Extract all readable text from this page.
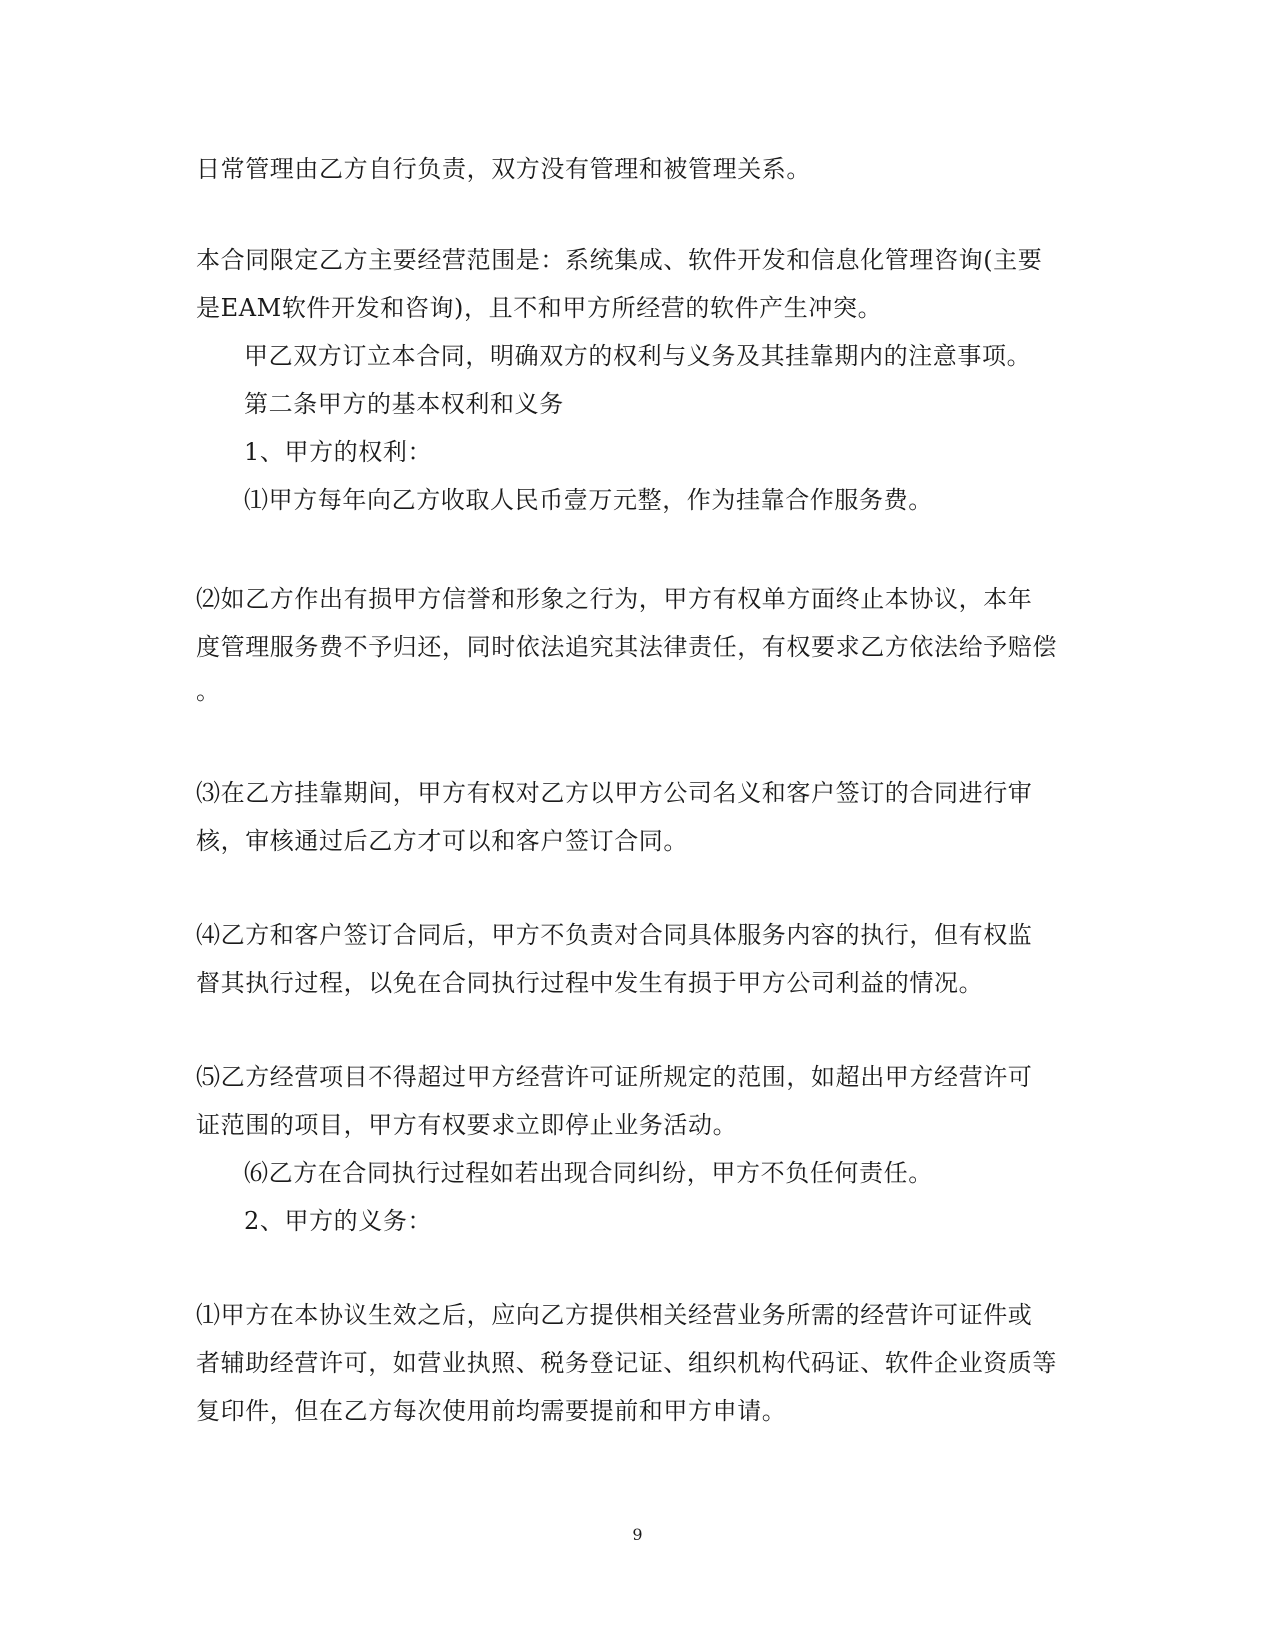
日常管理由乙方自行负责，双方没有管理和被管理关系。
本合同限定乙方主要经营范围是：系统集成、软件开发和信息化管理咨询(主要
是EAM软件开发和咨询)，且不和甲方所经营的软件产生冲突。
甲乙双方订立本合同，明确双方的权利与义务及其挂靠期内的注意事项。
第二条甲方的基本权利和义务
1、甲方的权利：
⑴甲方每年向乙方收取人民币壹万元整，作为挂靠合作服务费。
⑵如乙方作出有损甲方信誉和形象之行为，甲方有权单方面终止本协议，本年
度管理服务费不予归还，同时依法追究其法律责任，有权要求乙方依法给予赔偿
。
⑶在乙方挂靠期间，甲方有权对乙方以甲方公司名义和客户签订的合同进行审
核，审核通过后乙方才可以和客户签订合同。
⑷乙方和客户签订合同后，甲方不负责对合同具体服务内容的执行，但有权监
督其执行过程，以免在合同执行过程中发生有损于甲方公司利益的情况。
⑸乙方经营项目不得超过甲方经营许可证所规定的范围，如超出甲方经营许可
证范围的项目，甲方有权要求立即停止业务活动。
⑹乙方在合同执行过程如若出现合同纠纷，甲方不负任何责任。
2、甲方的义务：
⑴甲方在本协议生效之后，应向乙方提供相关经营业务所需的经营许可证件或
者辅助经营许可，如营业执照、税务登记证、组织机构代码证、软件企业资质等
复印件，但在乙方每次使用前均需要提前和甲方申请。
9
